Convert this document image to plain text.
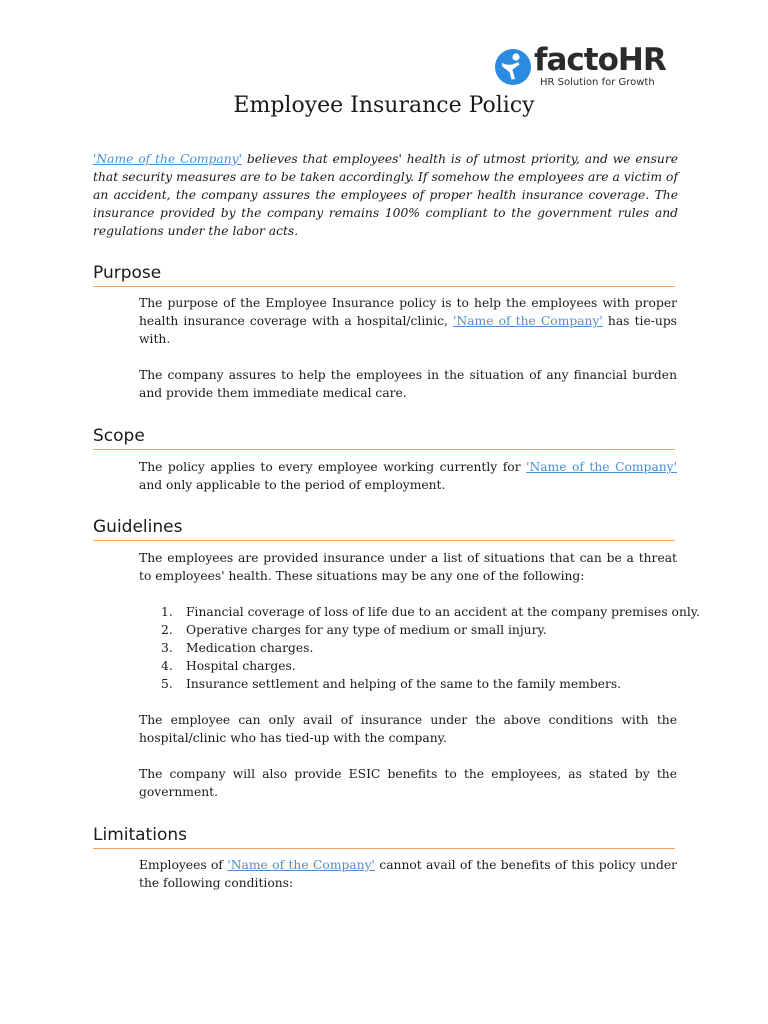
factoHR
HR Solution for Growth
Employee Insurance Policy

'Name of the Company' believes that employees' health is of utmost priority, and we ensure that security measures are to be taken accordingly. If somehow the employees are a victim of an accident, the company assures the employees of proper health insurance coverage. The insurance provided by the company remains 100% compliant to the government rules and regulations under the labor acts.

Purpose

The purpose of the Employee Insurance policy is to help the employees with proper health insurance coverage with a hospital/clinic, 'Name of the Company' has tie-ups with.

The company assures to help the employees in the situation of any financial burden and provide them immediate medical care.

Scope

The policy applies to every employee working currently for 'Name of the Company' and only applicable to the period of employment.

Guidelines

The employees are provided insurance under a list of situations that can be a threat to employees' health. These situations may be any one of the following:

1. Financial coverage of loss of life due to an accident at the company premises only.
2. Operative charges for any type of medium or small injury.
3. Medication charges.
4. Hospital charges.
5. Insurance settlement and helping of the same to the family members.

The employee can only avail of insurance under the above conditions with the hospital/clinic who has tied-up with the company.

The company will also provide ESIC benefits to the employees, as stated by the government.

Limitations

Employees of 'Name of the Company' cannot avail of the benefits of this policy under the following conditions:
